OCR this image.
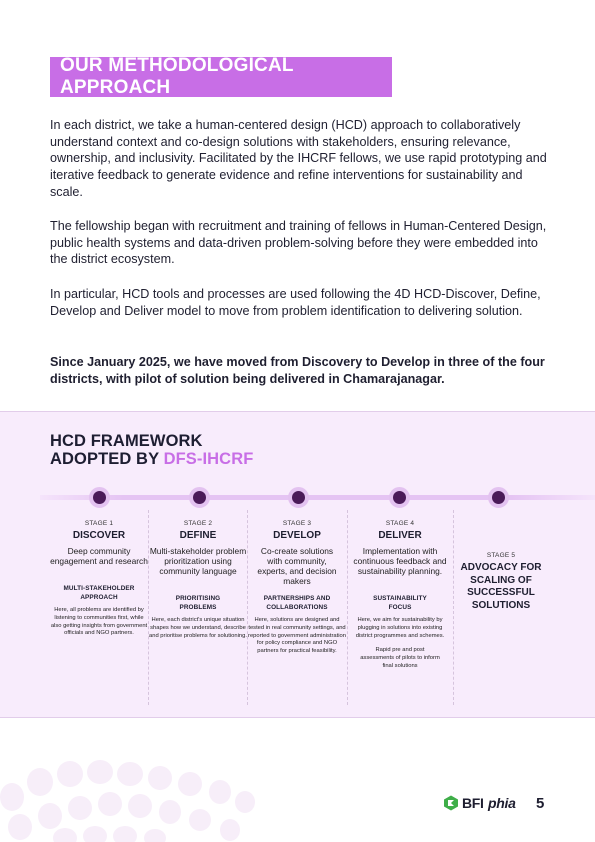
OUR METHODOLOGICAL APPROACH

In each district, we take a human-centered design (HCD) approach to collaboratively understand context and co-design solutions with stakeholders, ensuring relevance, ownership, and inclusivity. Facilitated by the IHCRF fellows, we use rapid prototyping and iterative feedback to generate evidence and refine interventions for sustainability and scale.

The fellowship began with recruitment and training of fellows in Human-Centered Design, public health systems and data-driven problem-solving before they were embedded into the district ecosystem.

In particular, HCD tools and processes are used following the 4D HCD-Discover, Define, Develop and Deliver model to move from problem identification to delivering solution.

Since January 2025, we have moved from Discovery to Develop in three of the four districts, with pilot of solution being delivered in Chamarajanagar.

HCD FRAMEWORK
ADOPTED BY DFS-IHCRF
STAGE 1
DISCOVER
Deep community engagement and research
MULTI-STAKEHOLDER APPROACH
Here, all problems are identified by listening to communities first, while also getting insights from government officials and NGO partners.
STAGE 2
DEFINE
Multi-stakeholder problem prioritization using community language
PRIORITISING PROBLEMS
Here, each district's unique situation shapes how we understand, describe and prioritise problems for solutioning.
STAGE 3
DEVELOP
Co-create solutions with community, experts, and decision makers
PARTNERSHIPS AND COLLABORATIONS
Here, solutions are designed and tested in real community settings, and reported to government administration for policy compliance and NGO partners for practical feasibility.
STAGE 4
DELIVER
Implementation with continuous feedback and sustainability planning.
SUSTAINABILITY FOCUS
Here, we aim for sustainability by plugging in solutions into existing district programmes and schemes.
Rapid pre and post assessments of pilots to inform final solutions
STAGE 5
ADVOCACY FOR SCALING OF SUCCESSFUL SOLUTIONS
BFI phia 5
